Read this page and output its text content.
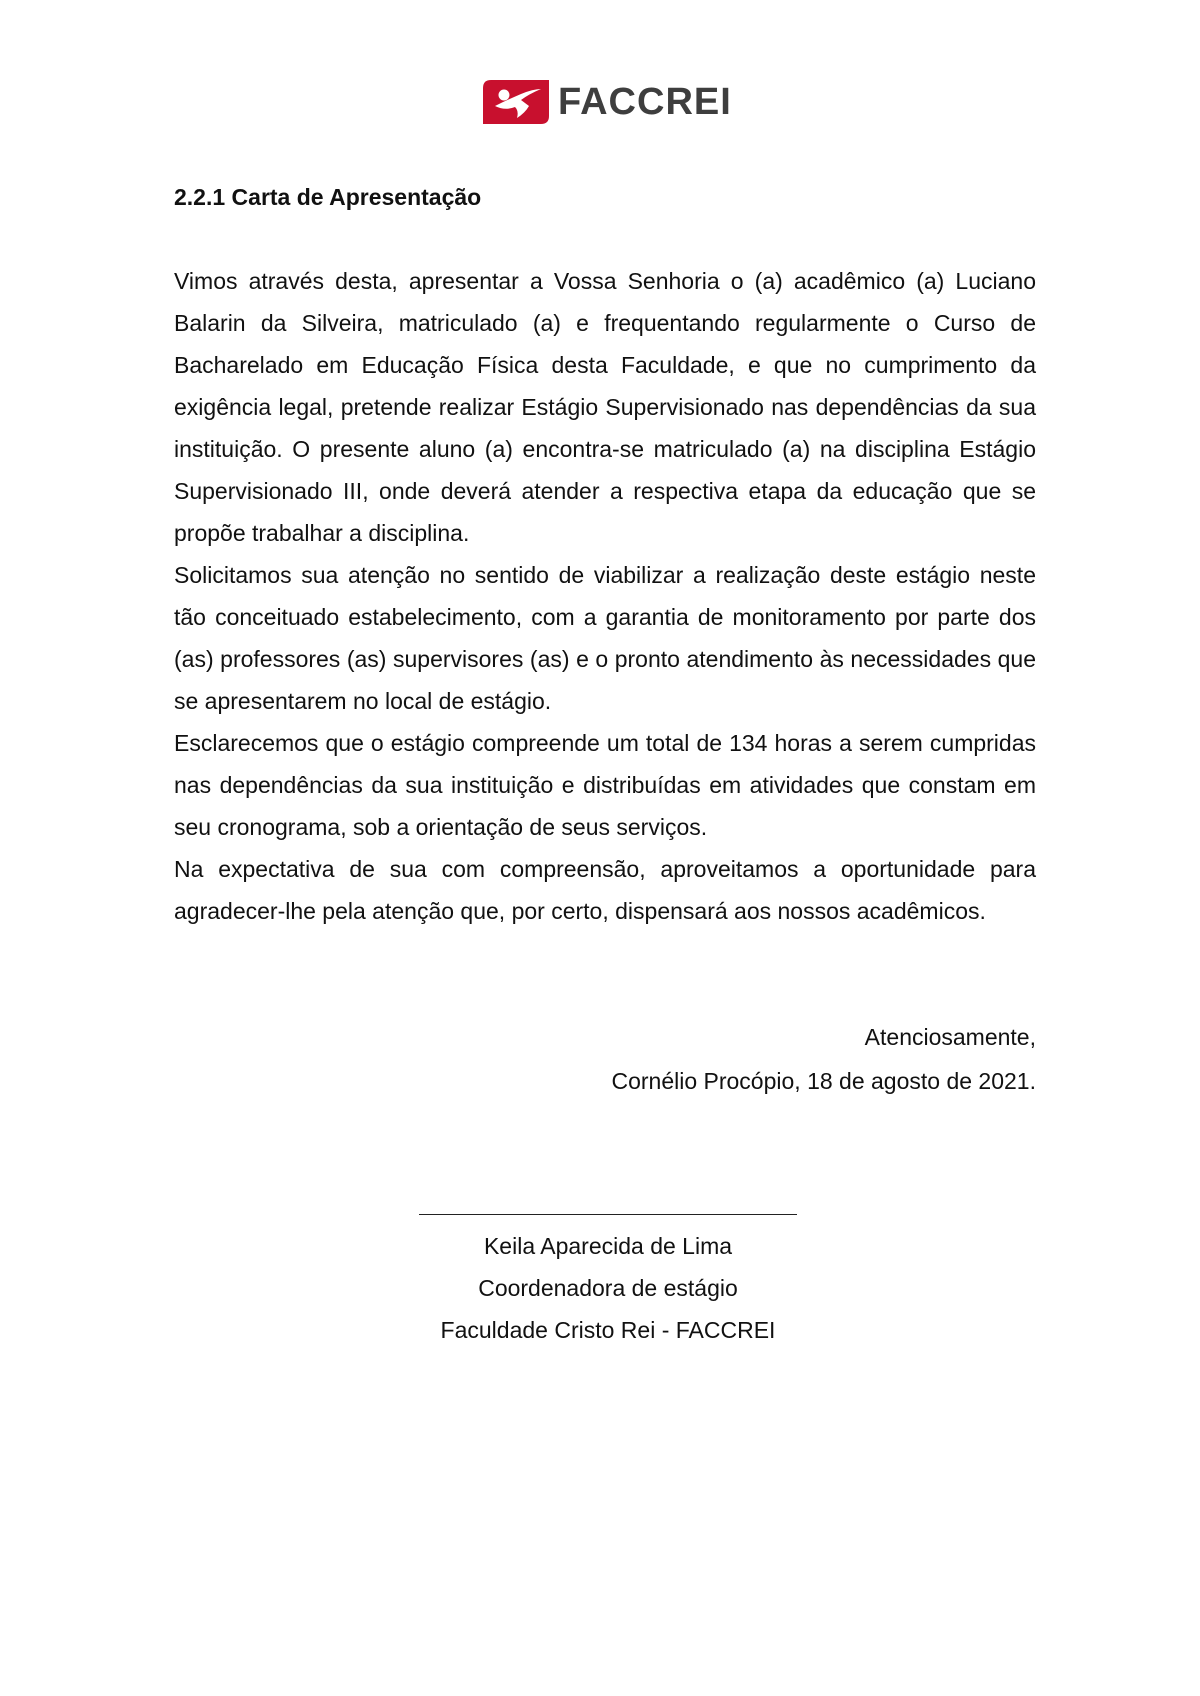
FACCREI

2.2.1 Carta de Apresentação

Vimos através desta, apresentar a Vossa Senhoria o (a) acadêmico (a) Luciano Balarin da Silveira, matriculado (a) e frequentando regularmente o Curso de Bacharelado em Educação Física desta Faculdade, e que no cumprimento da exigência legal, pretende realizar Estágio Supervisionado nas dependências da sua instituição. O presente aluno (a) encontra-se matriculado (a) na disciplina Estágio Supervisionado III, onde deverá atender a respectiva etapa da educação que se propõe trabalhar a disciplina.

Solicitamos sua atenção no sentido de viabilizar a realização deste estágio neste tão conceituado estabelecimento, com a garantia de monitoramento por parte dos (as) professores (as) supervisores (as) e o pronto atendimento às necessidades que se apresentarem no local de estágio.

Esclarecemos que o estágio compreende um total de 134 horas a serem cumpridas nas dependências da sua instituição e distribuídas em atividades que constam em seu cronograma, sob a orientação de seus serviços.

Na expectativa de sua com compreensão, aproveitamos a oportunidade para agradecer-lhe pela atenção que, por certo, dispensará aos nossos acadêmicos.

Atenciosamente,
Cornélio Procópio, 18 de agosto de 2021.
Keila Aparecida de Lima
Coordenadora de estágio
Faculdade Cristo Rei - FACCREI
